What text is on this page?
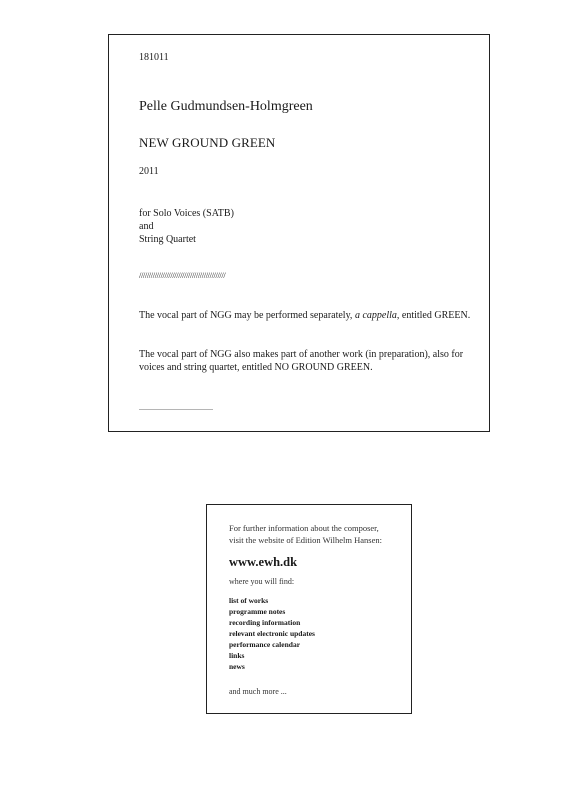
181011

Pelle Gudmundsen-Holmgreen

NEW GROUND GREEN

2011

for Solo Voices (SATB)
and
String Quartet

////////////////////////////////////////////

The vocal part of NGG may be performed separately, a cappella, entitled GREEN.

The vocal part of NGG also makes part of another work (in preparation), also for voices and string quartet, entitled NO GROUND GREEN.

For further information about the composer,
visit the website of Edition Wilhelm Hansen:

www.ewh.dk

where you will find:

list of works
programme notes
recording information
relevant electronic updates
performance calendar
links
news

and much more ...
